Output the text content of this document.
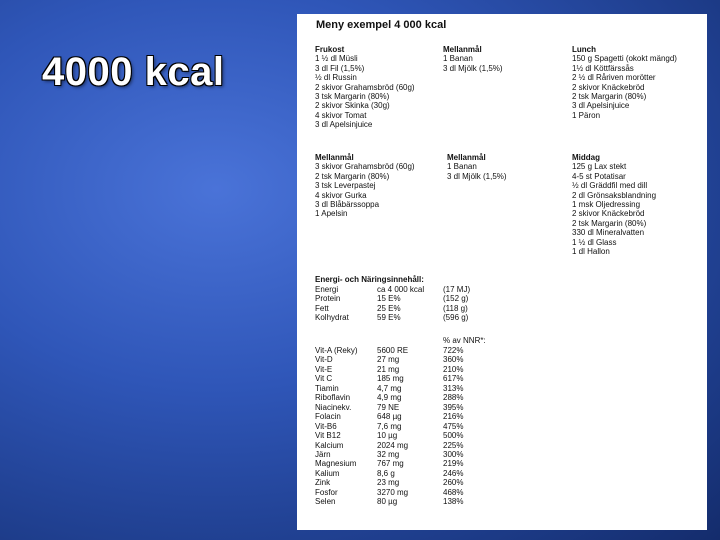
4000 kcal
Meny exempel 4 000 kcal
Frukost
1 ½ dl Müsli
3 dl Fil (1,5%)
½ dl Russin
2 skivor Grahamsbröd (60g)
3 tsk Margarin (80%)
2 skivor Skinka (30g)
4 skivor Tomat
3 dl Apelsinjuice
Mellanmål
1 Banan
3 dl Mjölk (1,5%)
Lunch
150 g Spagetti (okokt mängd)
1½ dl Köttfärssås
2 ½ dl Råriven morötter
2 skivor Knäckebröd
2 tsk Margarin (80%)
3 dl Apelsinjuice
1 Päron
Mellanmål
3 skivor Grahamsbröd (60g)
2 tsk Margarin (80%)
3 tsk Leverpastej
4 skivor Gurka
3 dl Blåbärssoppa
1 Apelsin
Mellanmål
1 Banan
3 dl Mjölk (1,5%)
Middag
125 g Lax stekt
4-5 st Potatisar
½ dl Gräddfil med dill
2 dl Grönsaksblandning
1 msk Oljedressing
2 skivor Knäckebröd
2 tsk Margarin (80%)
330 dl Mineralvatten
1 ½ dl Glass
1 dl Hallon
Energi- och Näringsinnehåll:
Energi	ca 4 000 kcal (17 MJ)
Protein	15 E%	(152 g)
Fett	25 E%	(118 g)
Kolhydrat	59 E%	(596 g)
% av NNR*:
Vit-A (Reky) 5600 RE	722%
Vit-D	27 mg	360%
Vit-E	21 mg	210%
Vit C	185 mg	617%
Tiamin	4,7 mg	313%
Riboflavin	4,9 mg	288%
Niacinekv.	79 NE	395%
Folacin	648 µg	216%
Vit-B6	7,6 mg	475%
Vit B12	10 µg	500%
Kalcium	2024 mg	225%
Järn	32 mg	300%
Magnesium	767 mg	219%
Kalium	8,6 g	246%
Zink	23 mg	260%
Fosfor	3270 mg	468%
Selen	80 µg	138%
